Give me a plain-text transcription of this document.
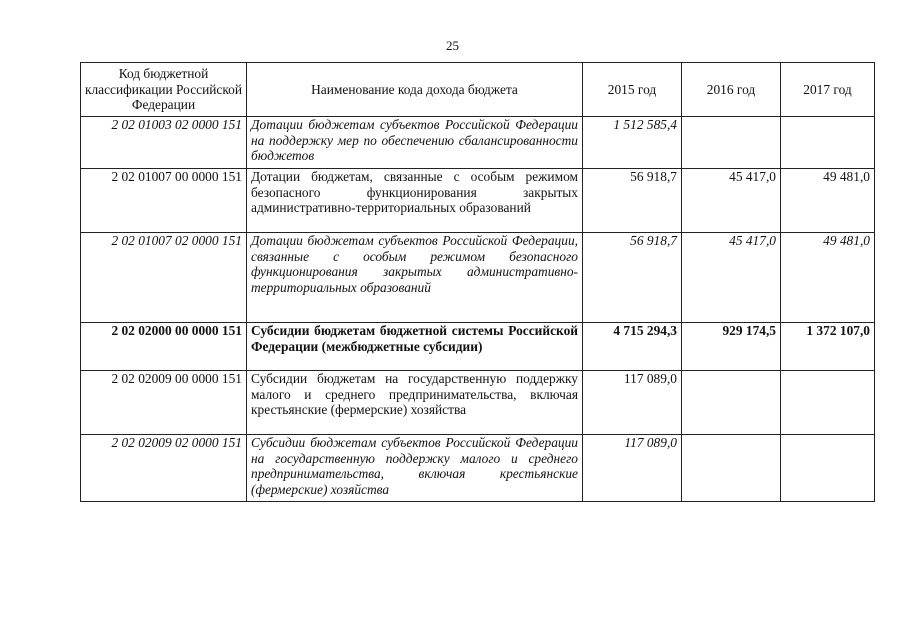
25
Код бюджетной классификации Российской Федерации	Наименование кода дохода бюджета	2015 год	2016 год	2017 год
2 02 01003 02 0000 151	Дотации бюджетам субъектов Российской Федерации на поддержку мер по обеспечению сбалансированности бюджетов	1 512 585,4		
2 02 01007 00 0000 151	Дотации бюджетам, связанные с особым режимом безопасного функционирования закрытых административно-территориальных образований	56 918,7	45 417,0	49 481,0
2 02 01007 02 0000 151	Дотации бюджетам субъектов Российской Федерации, связанные с особым режимом безопасного функционирования закрытых административно-территориальных образований	56 918,7	45 417,0	49 481,0
2 02 02000 00 0000 151	Субсидии бюджетам бюджетной системы Российской Федерации (межбюджетные субсидии)	4 715 294,3	929 174,5	1 372 107,0
2 02 02009 00 0000 151	Субсидии бюджетам на государственную поддержку малого и среднего предпринимательства, включая крестьянские (фермерские) хозяйства	117 089,0		
2 02 02009 02 0000 151	Субсидии бюджетам субъектов Российской Федерации на государственную поддержку малого и среднего предпринимательства, включая крестьянские (фермерские) хозяйства	117 089,0		
